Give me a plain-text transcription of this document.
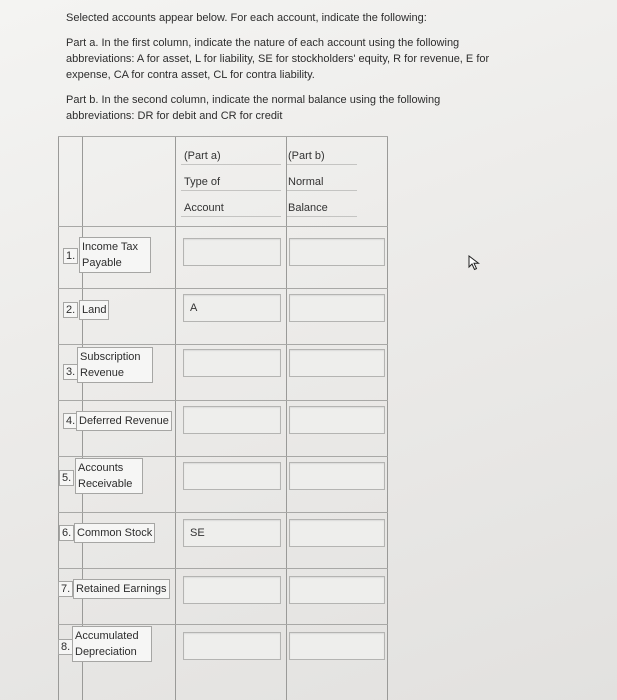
Selected accounts appear below. For each account, indicate the following:

Part a. In the first column, indicate the nature of each account using the following abbreviations: A for asset, L for liability, SE for stockholders' equity, R for revenue, E for expense, CA for contra asset, CL for contra liability.

Part b. In the second column, indicate the normal balance using the following abbreviations: DR for debit and CR for credit

(Part a)
Type of
Account
(Part b)
Normal
Balance
1.
Income Tax Payable
2. Land
A
3.
Subscription Revenue
4. Deferred Revenue
5.
Accounts Receivable
6. Common Stock
SE
7. Retained Earnings
8.
Accumulated Depreciation
